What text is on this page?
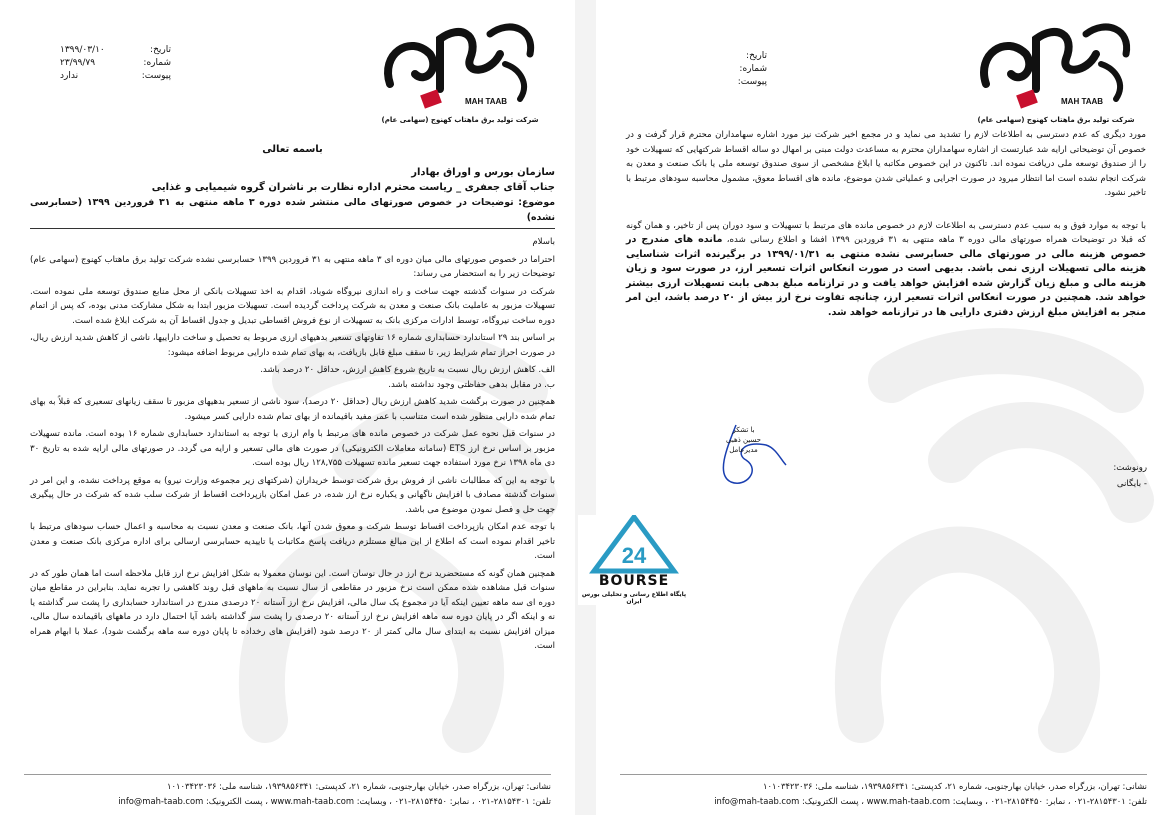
MAH TAAB
شرکت تولید برق ماهتاب کهنوج (سهامی عام)
تاریخ:
۱۳۹۹/۰۳/۱۰
شماره:
۲۳/۹۹/۷۹
پیوست:
ندارد
باسمه تعالی
سازمان بورس و اوراق بهادار
جناب آقای جعفری _ ریاست محترم اداره نظارت بر ناشران گروه شیمیایی و غذایی
موضوع: توضیحات در خصوص صورتهای مالی منتشر شده دوره ۳ ماهه منتهی به ۳۱ فروردین ۱۳۹۹ (حسابرسی نشده)
باسلام
احتراما در خصوص صورتهای مالی میان دوره ای ۳ ماهه منتهی به ۳۱ فروردین ۱۳۹۹ حسابرسی نشده شرکت تولید برق ماهتاب کهنوج (سهامی عام) توضیحات زیر را به استحضار می رساند:
شرکت در سنوات گذشته جهت ساخت و راه اندازی نیروگاه شوباد، اقدام به اخذ تسهیلات بانکی از محل منابع صندوق توسعه ملی نموده است. تسهیلات مزبور به عاملیت بانک صنعت و معدن به شرکت پرداخت گردیده است. تسهیلات مزبور ابتدا به شکل مشارکت مدنی بوده، که پس از اتمام دوره ساخت نیروگاه، توسط ادارات مرکزی بانک به تسهیلات از نوع فروش اقساطی تبدیل و جدول اقساط آن به شرکت ابلاغ شده است.
بر اساس بند ۲۹ استاندارد حسابداری شماره ۱۶ تفاوتهای تسعیر بدهیهای ارزی مربوط به تحصیل و ساخت داراییها، ناشی از کاهش شدید ارزش ریال، در صورت احراز تمام شرایط زیر، تا سقف مبلغ قابل بازیافت، به بهای تمام شده دارایی مربوط اضافه میشود:
الف. کاهش ارزش ریال نسبت به تاریخ شروع کاهش ارزش، حداقل ۲۰ درصد باشد.
ب. در مقابل بدهی حفاظتی وجود نداشته باشد.
همچنین در صورت برگشت شدید کاهش ارزش ریال (حداقل ۲۰ درصد)، سود ناشی از تسعیر بدهیهای مزبور تا سقف زیانهای تسعیری که قبلاً به بهای تمام شده دارایی منظور شده است متناسب با عمر مفید باقیمانده از بهای تمام شده دارایی کسر میشود.
در سنوات قبل نحوه عمل شرکت در خصوص مانده های مرتبط با وام ارزی با توجه به استاندارد حسابداری شماره ۱۶ بوده است. مانده تسهیلات مزبور بر اساس نرخ ارز ETS (سامانه معاملات الکترونیکی) در صورت های مالی تسعیر و ارایه می گردد. در صورتهای مالی ارایه شده به تاریخ ۳۰ دی ماه ۱۳۹۸ نرخ مورد استفاده جهت تسعیر مانده تسهیلات ۱۲۸,۷۵۵ ریال بوده است.
با توجه به این که مطالبات ناشی از فروش برق شرکت توسط خریداران (شرکتهای زیر مجموعه وزارت نیرو) به موقع پرداخت نشده، و این امر در سنوات گذشته مصادف با افزایش ناگهانی و یکباره نرخ ارز شده، در عمل امکان بازپرداخت اقساط از شرکت سلب شده که شرکت در حال پیگیری جهت حل و فصل نمودن موضوع می باشد.
با توجه عدم امکان بازپرداخت اقساط توسط شرکت و معوق شدن آنها، بانک صنعت و معدن نسبت به محاسبه و اعمال حساب سودهای مرتبط با تاخیر اقدام نموده است که اطلاع از این مبالغ مستلزم دریافت پاسخ مکاتبات یا تاییدیه حسابرسی ارسالی برای اداره مرکزی بانک صنعت و معدن است.
همچنین همان گونه که مستحضرید نرخ ارز در حال نوسان است. این نوسان معمولا به شکل افزایش نرخ ارز قابل ملاحظه است اما همان طور که در سنوات قبل مشاهده شده ممکن است نرخ مزبور در مقاطعی از سال نسبت به ماههای قبل روند کاهشی را تجربه نماید. بنابراین در مقاطع میان دوره ای سه ماهه تعیین اینکه آیا در مجموع یک سال مالی، افزایش نرخ ارز آستانه ۲۰ درصدی مندرج در استاندارد حسابداری را پشت سر گذاشته یا نه و اینکه اگر در پایان دوره سه ماهه افزایش نرخ ارز آستانه ۲۰ درصدی را پشت سر گذاشته باشد آیا احتمال دارد در ماههای باقیمانده سال مالی، میزان افزایش نسبت به ابتدای سال مالی کمتر از ۲۰ درصد شود (افزایش های رخداده تا پایان دوره سه ماهه برگشت شود)، عملا با ابهام همراه است.
نشانی: تهران، بزرگراه صدر، خیابان بهارجنوبی، شماره ۲۱، کدپستی: ۱۹۳۹۸۵۶۳۴۱، شناسه ملی: ۱۰۱۰۳۴۲۳۰۳۶
تلفن: ۲۸۱۵۴۳۰۱-۰۲۱ ، نمابر: ۲۸۱۵۴۴۵۰-۰۲۱ ، وبسایت: www.mah-taab.com ، پست الکترونیک: info@mah-taab.com
MAH TAAB
شرکت تولید برق ماهتاب کهنوج (سهامی عام)
تاریخ:
شماره:
پیوست:
مورد دیگری که عدم دسترسی به اطلاعات لازم را تشدید می نماید و در مجمع اخیر شرکت نیز مورد اشاره سهامداران محترم قرار گرفت و در خصوص آن توضیحاتی ارایه شد عبارتست از اشاره سهامداران محترم به مساعدت دولت مبنی بر امهال دو ساله اقساط شرکتهایی که تسهیلات خود را از صندوق توسعه ملی دریافت نموده اند. تاکنون در این خصوص مکاتبه یا ابلاغ مشخصی از سوی صندوق توسعه ملی یا بانک صنعت و معدن به شرکت انجام نشده است اما انتظار میرود در صورت اجرایی و عملیاتی شدن موضوع، مانده های اقساط معوق، مشمول محاسبه سودهای مرتبط با تاخیر نشود.
با توجه به موارد فوق و به سبب عدم دسترسی به اطلاعات لازم در خصوص مانده های مرتبط با تسهیلات و سود دوران پس از تاخیر، و همان گونه که قبلا در توضیحات همراه صورتهای مالی دوره ۳ ماهه منتهی به ۳۱ فروردین ۱۳۹۹ افشا و اطلاع رسانی شده، مانده های مندرج در خصوص هزینه مالی در صورتهای مالی حسابرسی نشده منتهی به ۱۳۹۹/۰۱/۳۱ در برگیرنده اثرات شناسایی هزینه مالی تسهیلات ارزی نمی باشد. بدیهی است در صورت انعکاس اثرات تسعیر ارز، در صورت سود و زیان هزینه مالی و مبلغ زیان گزارش شده افزایش خواهد یافت و در ترازنامه مبلغ بدهی بابت تسهیلات ارزی بیشتر خواهد شد. همچنین در صورت انعکاس اثرات تسعیر ارز، چنانچه تفاوت نرخ ارز بیش از ۲۰ درصد باشد، این امر منجر به افزایش مبلغ ارزش دفتری دارایی ها در ترازنامه خواهد شد.
با تشکر
حسین ذهبی
مدیرعامل
رونوشت:
- بایگانی
نشانی: تهران، بزرگراه صدر، خیابان بهارجنوبی، شماره ۲۱، کدپستی: ۱۹۳۹۸۵۶۳۴۱، شناسه ملی: ۱۰۱۰۳۴۲۳۰۳۶
تلفن: ۲۸۱۵۴۳۰۱-۰۲۱ ، نمابر: ۲۸۱۵۴۴۵۰-۰۲۱ ، وبسایت: www.mah-taab.com ، پست الکترونیک: info@mah-taab.com
24
BOURSE
پایگاه اطلاع رسانی و تحلیلی بورس ایران
